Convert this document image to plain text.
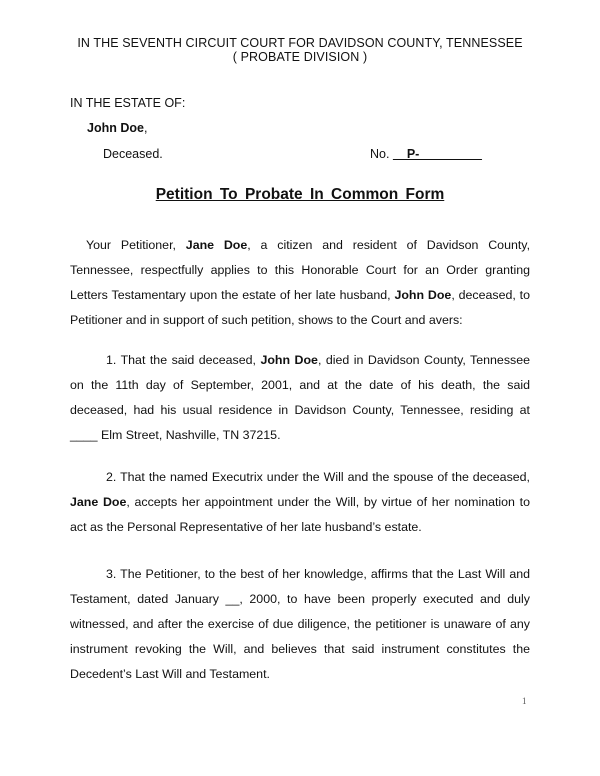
IN THE SEVENTH CIRCUIT COURT FOR DAVIDSON COUNTY, TENNESSEE
( PROBATE DIVISION )
IN THE ESTATE OF:
John Doe,
Deceased.	No. __P-_________
Petition To Probate In Common Form
Your Petitioner, Jane Doe, a citizen and resident of Davidson County, Tennessee, respectfully applies to this Honorable Court for an Order granting Letters Testamentary upon the estate of her late husband, John Doe, deceased, to Petitioner and in support of such petition, shows to the Court and avers:
1. That the said deceased, John Doe, died in Davidson County, Tennessee on the 11th day of September, 2001, and at the date of his death, the said deceased, had his usual residence in Davidson County, Tennessee, residing at ____ Elm Street, Nashville, TN 37215.
2. That the named Executrix under the Will and the spouse of the deceased, Jane Doe, accepts her appointment under the Will, by virtue of her nomination to act as the Personal Representative of her late husband’s estate.
3. The Petitioner, to the best of her knowledge, affirms that the Last Will and Testament, dated January __, 2000, to have been properly executed and duly witnessed, and after the exercise of due diligence, the petitioner is unaware of any instrument revoking the Will, and believes that said instrument constitutes the Decedent’s Last Will and Testament.
1
